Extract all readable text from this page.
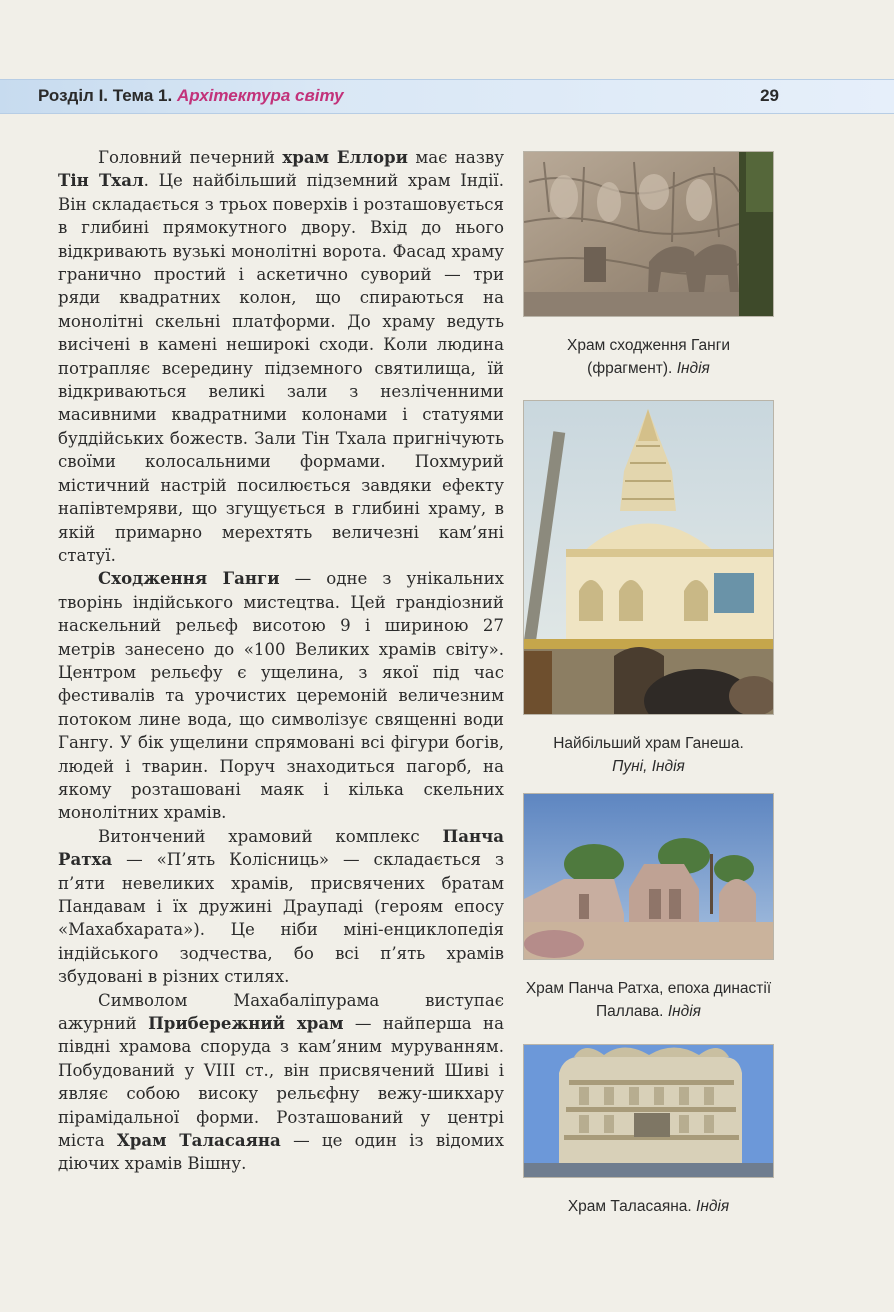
Розділ І. Тема 1. Архітектура світу	29

Головний печерний храм Еллори має назву Тін Тхал. Це найбільший підземний храм Індії. Він складається з трьох поверхів і розташовується в глибині прямокутного двору. Вхід до нього відкривають вузькі монолітні ворота. Фасад храму гранично простий і аскетично суворий — три ряди квадратних колон, що спираються на монолітні скельні платформи. До храму ведуть висічені в камені неширокі сходи. Коли людина потрапляє всередину підземного святилища, їй відкриваються великі зали з незліченними масивними квадратними колонами і статуями буддійських божеств. Зали Тін Тхала пригнічують своїми колосальними формами. Похмурий містичний настрій посилюється завдяки ефекту напівтемряви, що згущується в глибині храму, в якій примарно мерехтять величезні кам’яні статуї.

Сходження Ганги — одне з унікальних творінь індійського мистецтва. Цей грандіозний наскельний рельєф висотою 9 і шириною 27 метрів занесено до «100 Великих храмів світу». Центром рельєфу є ущелина, з якої під час фестивалів та урочистих церемоній величезним потоком лине вода, що символізує священні води Гангу. У бік ущелини спрямовані всі фігури богів, людей і тварин. Поруч знаходиться пагорб, на якому розташовані маяк і кілька скельних монолітних храмів.

Витончений храмовий комплекс Панча Ратха — «П’ять Колісниць» — складається з п’яти невеликих храмів, присвячених братам Пандавам і їх дружині Драупаді (героям епосу «Махабхарата»). Це ніби міні-енциклопедія індійського зодчества, бо всі п’ять храмів збудовані в різних стилях.

Символом Махабаліпурама виступає ажурний Прибережний храм — найперша на півдні храмова споруда з кам’яним муруванням. Побудований у VIII ст., він присвячений Шиві і являє собою високу рельєфну вежу-шикхару пірамідальної форми. Розташований у центрі міста Храм Таласаяна — це один із відомих діючих храмів Вішну.

Храм сходження Ганги (фрагмент). Індія
Найбільший храм Ганеша.
Пуні, Індія
Храм Панча Ратха, епоха династії Паллава. Індія
Храм Таласаяна. Індія
